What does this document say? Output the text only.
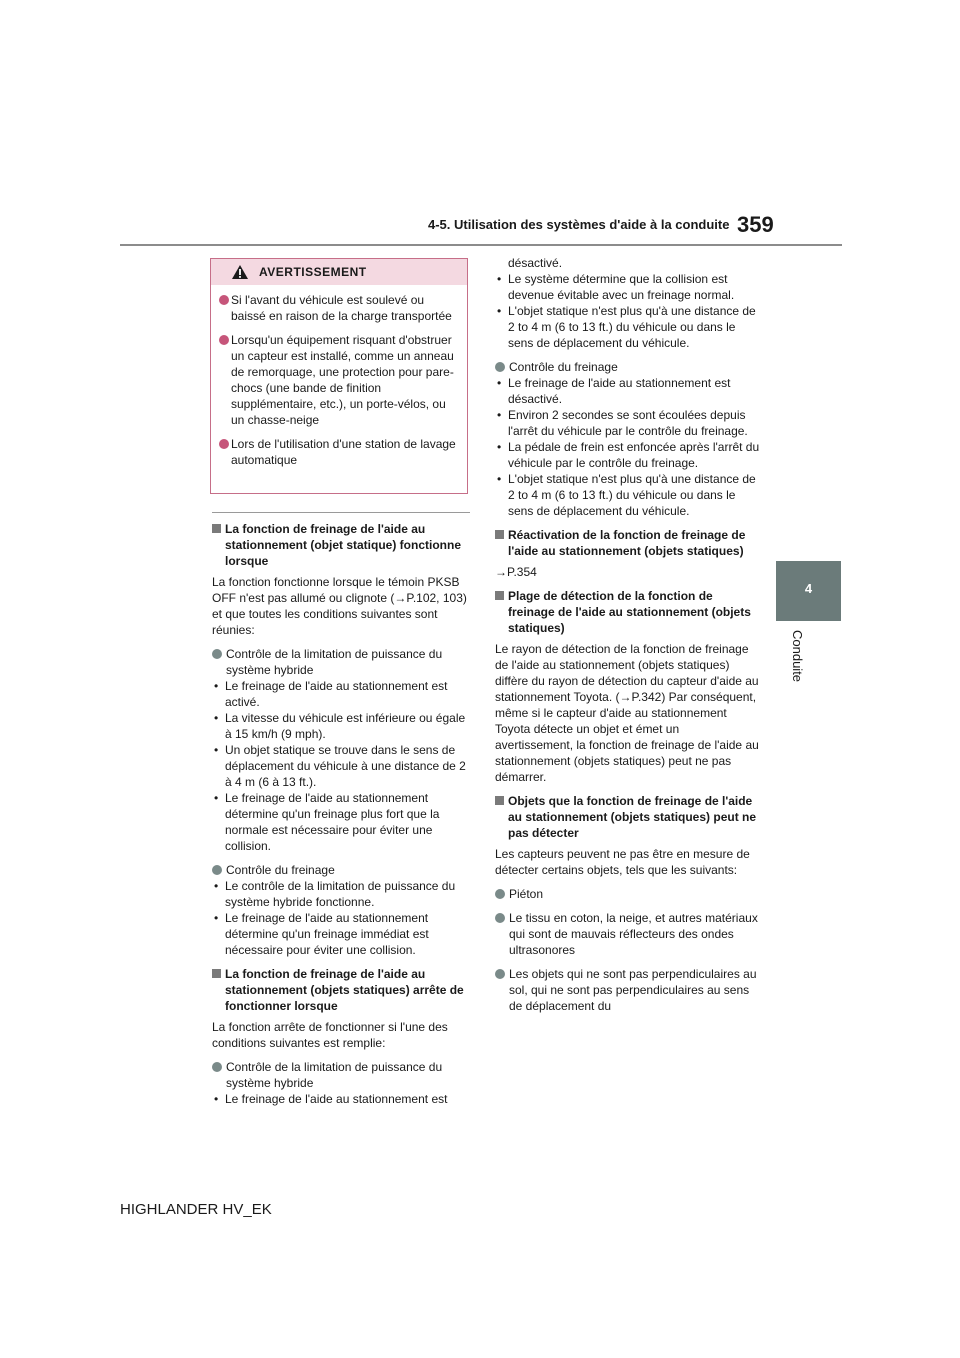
4-5. Utilisation des systèmes d'aide à la conduite 359
4
Conduite
AVERTISSEMENT
Si l'avant du véhicule est soulevé ou baissé en raison de la charge transportée
Lorsqu'un équipement risquant d'obstruer un capteur est installé, comme un anneau de remorquage, une protection pour pare-chocs (une bande de finition supplémentaire, etc.), un porte-vélos, ou un chasse-neige
Lors de l'utilisation d'une station de lavage automatique
La fonction de freinage de l'aide au stationnement (objet statique) fonctionne lorsque
La fonction fonctionne lorsque le témoin PKSB OFF n'est pas allumé ou clignote (→P.102, 103) et que toutes les conditions suivantes sont réunies:
Contrôle de la limitation de puissance du système hybride
• Le freinage de l'aide au stationnement est activé.
• La vitesse du véhicule est inférieure ou égale à 15 km/h (9 mph).
• Un objet statique se trouve dans le sens de déplacement du véhicule à une distance de 2 à 4 m (6 à 13 ft.).
• Le freinage de l'aide au stationnement détermine qu'un freinage plus fort que la normale est nécessaire pour éviter une collision.
Contrôle du freinage
• Le contrôle de la limitation de puissance du système hybride fonctionne.
• Le freinage de l'aide au stationnement détermine qu'un freinage immédiat est nécessaire pour éviter une collision.
La fonction de freinage de l'aide au stationnement (objets statiques) arrête de fonctionner lorsque
La fonction arrête de fonctionner si l'une des conditions suivantes est remplie:
Contrôle de la limitation de puissance du système hybride
• Le freinage de l'aide au stationnement est
désactivé.
• Le système détermine que la collision est devenue évitable avec un freinage normal.
• L'objet statique n'est plus qu'à une distance de 2 to 4 m (6 to 13 ft.) du véhicule ou dans le sens de déplacement du véhicule.
Contrôle du freinage
• Le freinage de l'aide au stationnement est désactivé.
• Environ 2 secondes se sont écoulées depuis l'arrêt du véhicule par le contrôle du freinage.
• La pédale de frein est enfoncée après l'arrêt du véhicule par le contrôle du freinage.
• L'objet statique n'est plus qu'à une distance de 2 to 4 m (6 to 13 ft.) du véhicule ou dans le sens de déplacement du véhicule.
Réactivation de la fonction de freinage de l'aide au stationnement (objets statiques)
→P.354
Plage de détection de la fonction de freinage de l'aide au stationnement (objets statiques)
Le rayon de détection de la fonction de freinage de l'aide au stationnement (objets statiques) diffère du rayon de détection du capteur d'aide au stationnement Toyota. (→P.342) Par conséquent, même si le capteur d'aide au stationnement Toyota détecte un objet et émet un avertissement, la fonction de freinage de l'aide au stationnement (objets statiques) peut ne pas démarrer.
Objets que la fonction de freinage de l'aide au stationnement (objets statiques) peut ne pas détecter
Les capteurs peuvent ne pas être en mesure de détecter certains objets, tels que les suivants:
Piéton
Le tissu en coton, la neige, et autres matériaux qui sont de mauvais réflecteurs des ondes ultrasonores
Les objets qui ne sont pas perpendiculaires au sol, qui ne sont pas perpendiculaires au sens de déplacement du
HIGHLANDER HV_EK
